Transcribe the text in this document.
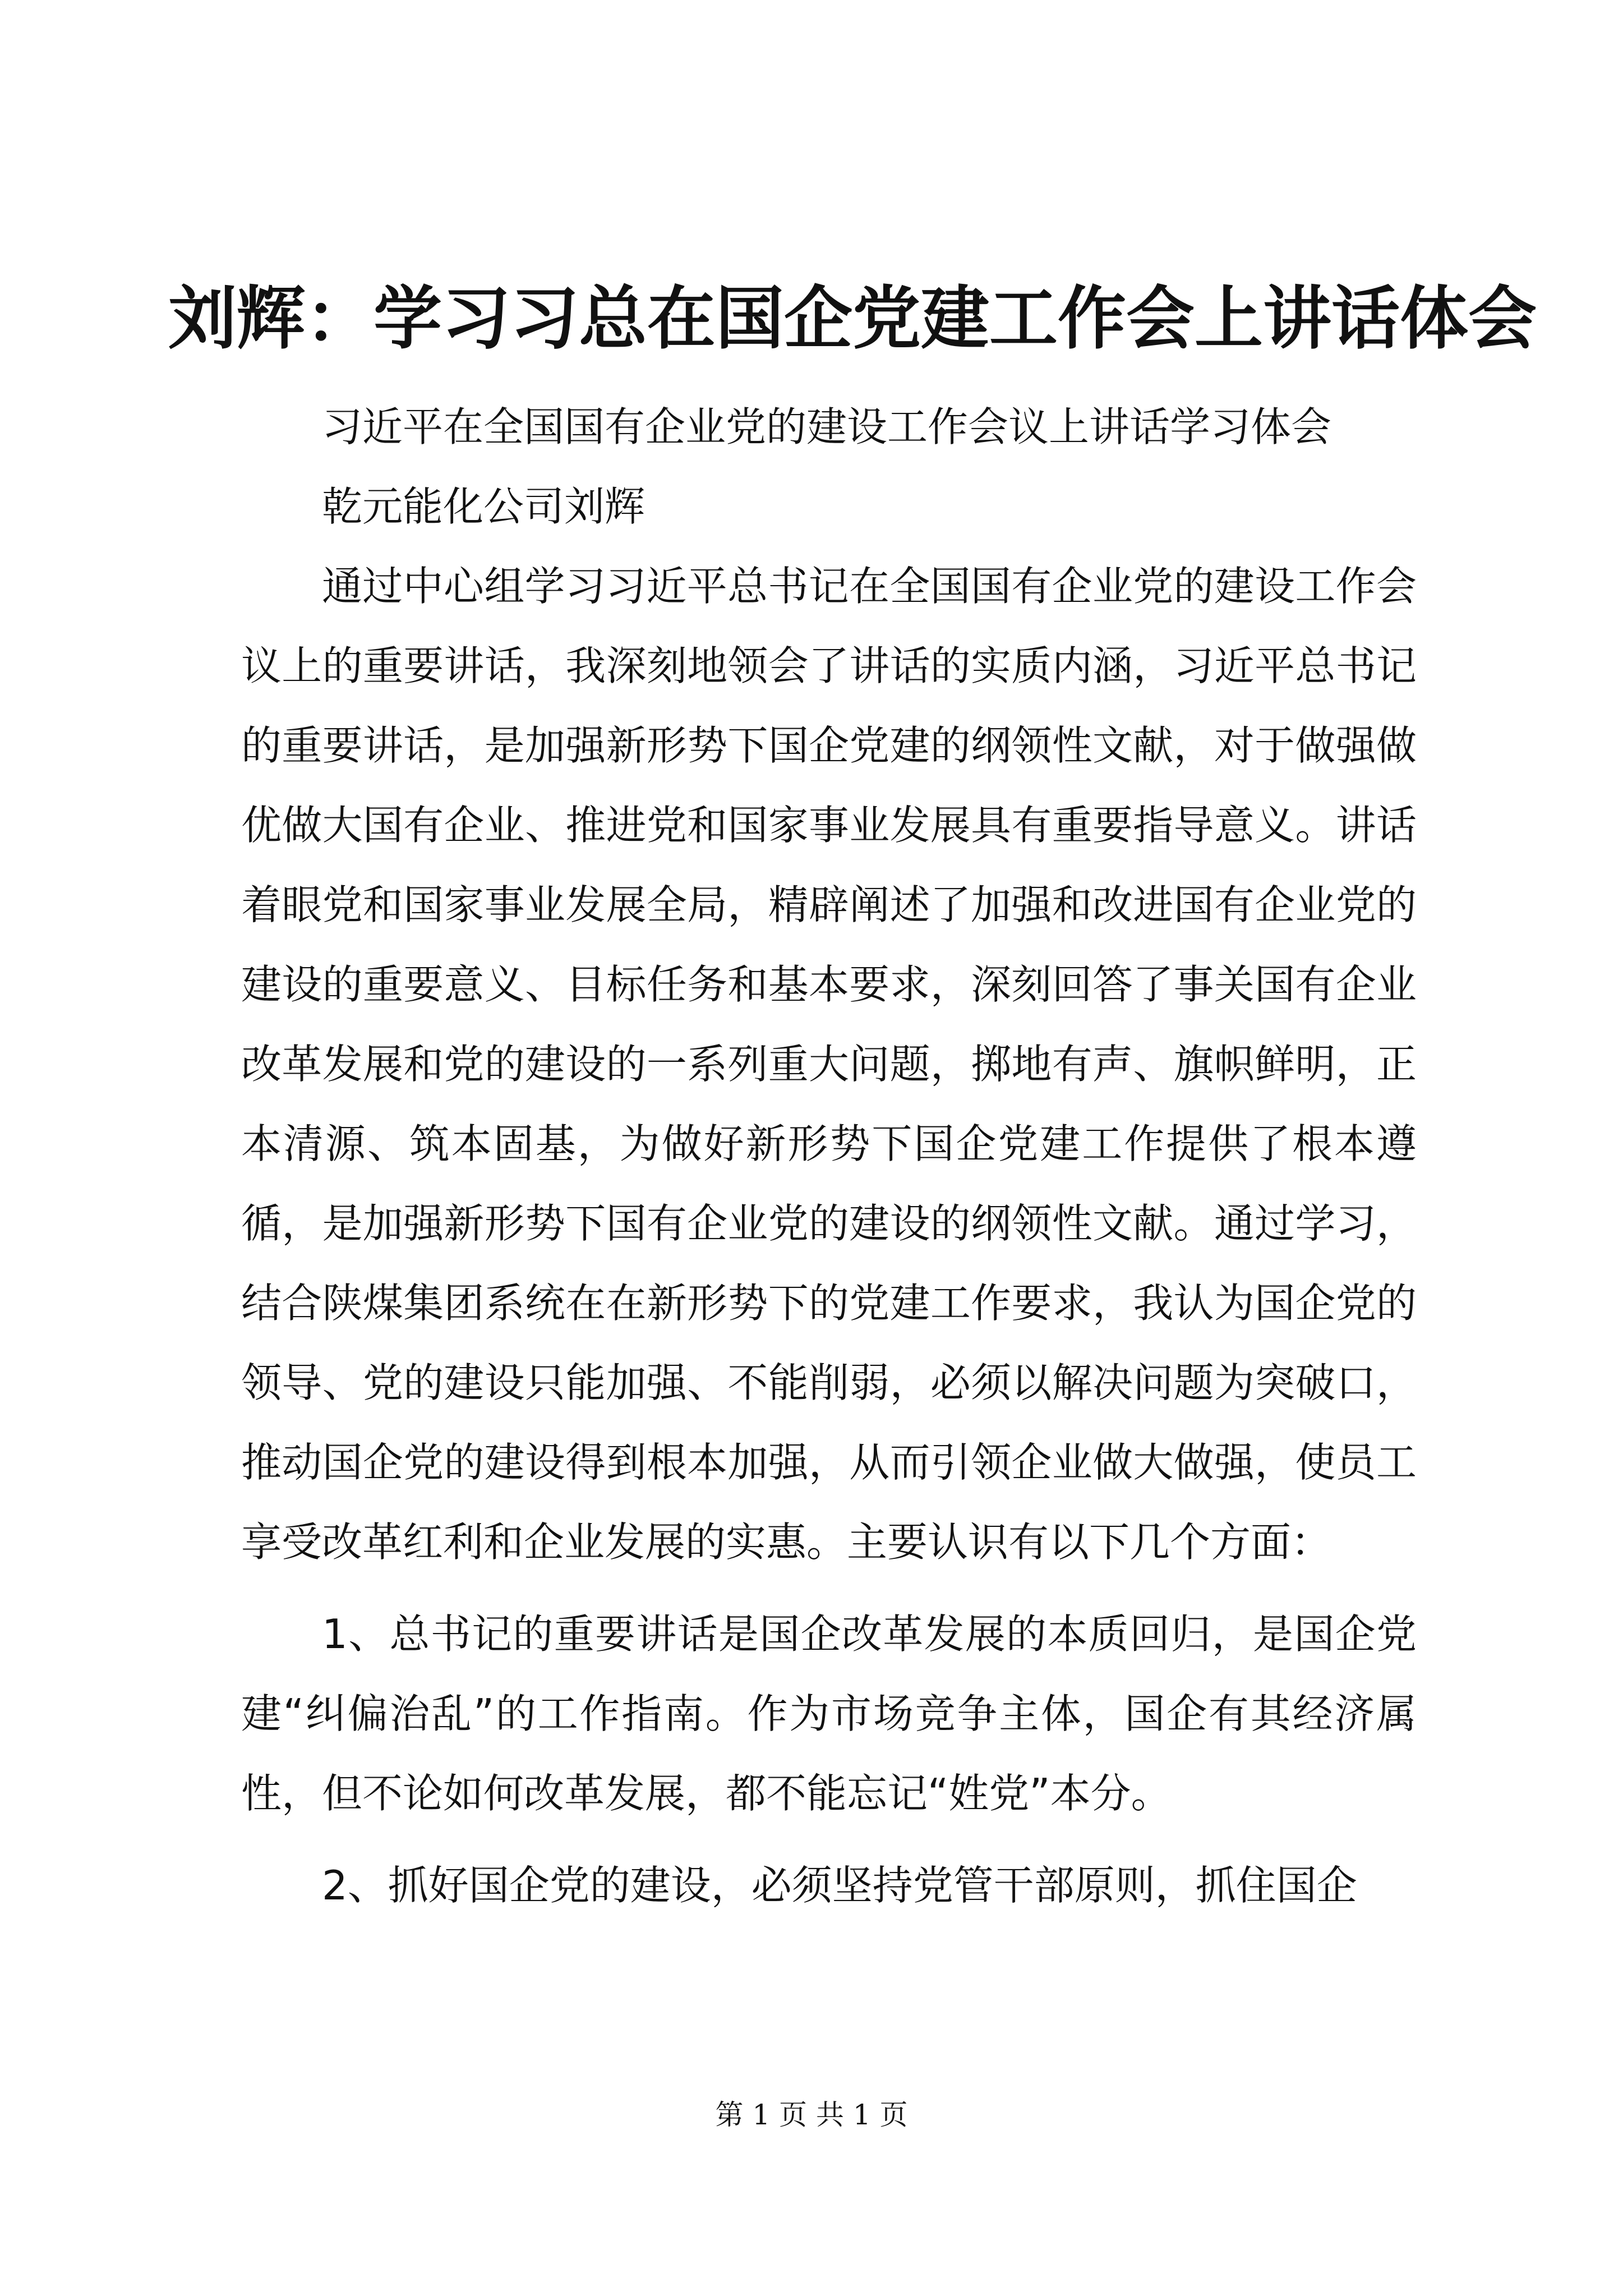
刘辉：学习习总在国企党建工作会上讲话体会

习近平在全国国有企业党的建设工作会议上讲话学习体会

乾元能化公司刘辉

通过中心组学习习近平总书记在全国国有企业党的建设工作会议上的重要讲话，我深刻地领会了讲话的实质内涵，习近平总书记的重要讲话，是加强新形势下国企党建的纲领性文献，对于做强做优做大国有企业、推进党和国家事业发展具有重要指导意义。讲话着眼党和国家事业发展全局，精辟阐述了加强和改进国有企业党的建设的重要意义、目标任务和基本要求，深刻回答了事关国有企业改革发展和党的建设的一系列重大问题，掷地有声、旗帜鲜明，正本清源、筑本固基，为做好新形势下国企党建工作提供了根本遵循，是加强新形势下国有企业党的建设的纲领性文献。通过学习，结合陕煤集团系统在在新形势下的党建工作要求，我认为国企党的领导、党的建设只能加强、不能削弱，必须以解决问题为突破口，推动国企党的建设得到根本加强，从而引领企业做大做强，使员工享受改革红利和企业发展的实惠。主要认识有以下几个方面：

1、总书记的重要讲话是国企改革发展的本质回归，是国企党建“纠偏治乱”的工作指南。作为市场竞争主体，国企有其经济属性，但不论如何改革发展，都不能忘记“姓党”本分。

2、抓好国企党的建设，必须坚持党管干部原则，抓住国企

第 1 页 共 1 页
